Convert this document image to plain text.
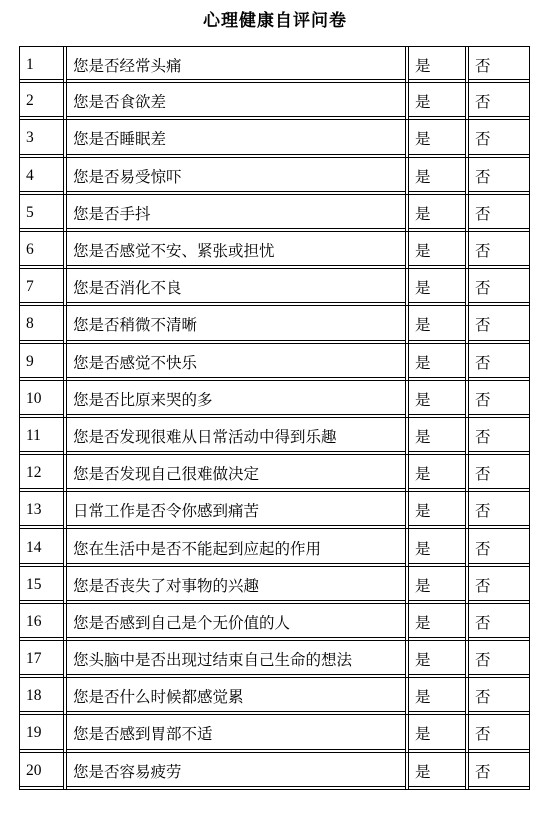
心理健康自评问卷
1	您是否经常头痛	是	否
2	您是否食欲差	是	否
3	您是否睡眠差	是	否
4	您是否易受惊吓	是	否
5	您是否手抖	是	否
6	您是否感觉不安、紧张或担忧	是	否
7	您是否消化不良	是	否
8	您是否稍微不清晰	是	否
9	您是否感觉不快乐	是	否
10	您是否比原来哭的多	是	否
11	您是否发现很难从日常活动中得到乐趣	是	否
12	您是否发现自己很难做决定	是	否
13	日常工作是否令你感到痛苦	是	否
14	您在生活中是否不能起到应起的作用	是	否
15	您是否丧失了对事物的兴趣	是	否
16	您是否感到自己是个无价值的人	是	否
17	您头脑中是否出现过结束自己生命的想法	是	否
18	您是否什么时候都感觉累	是	否
19	您是否感到胃部不适	是	否
20	您是否容易疲劳	是	否
